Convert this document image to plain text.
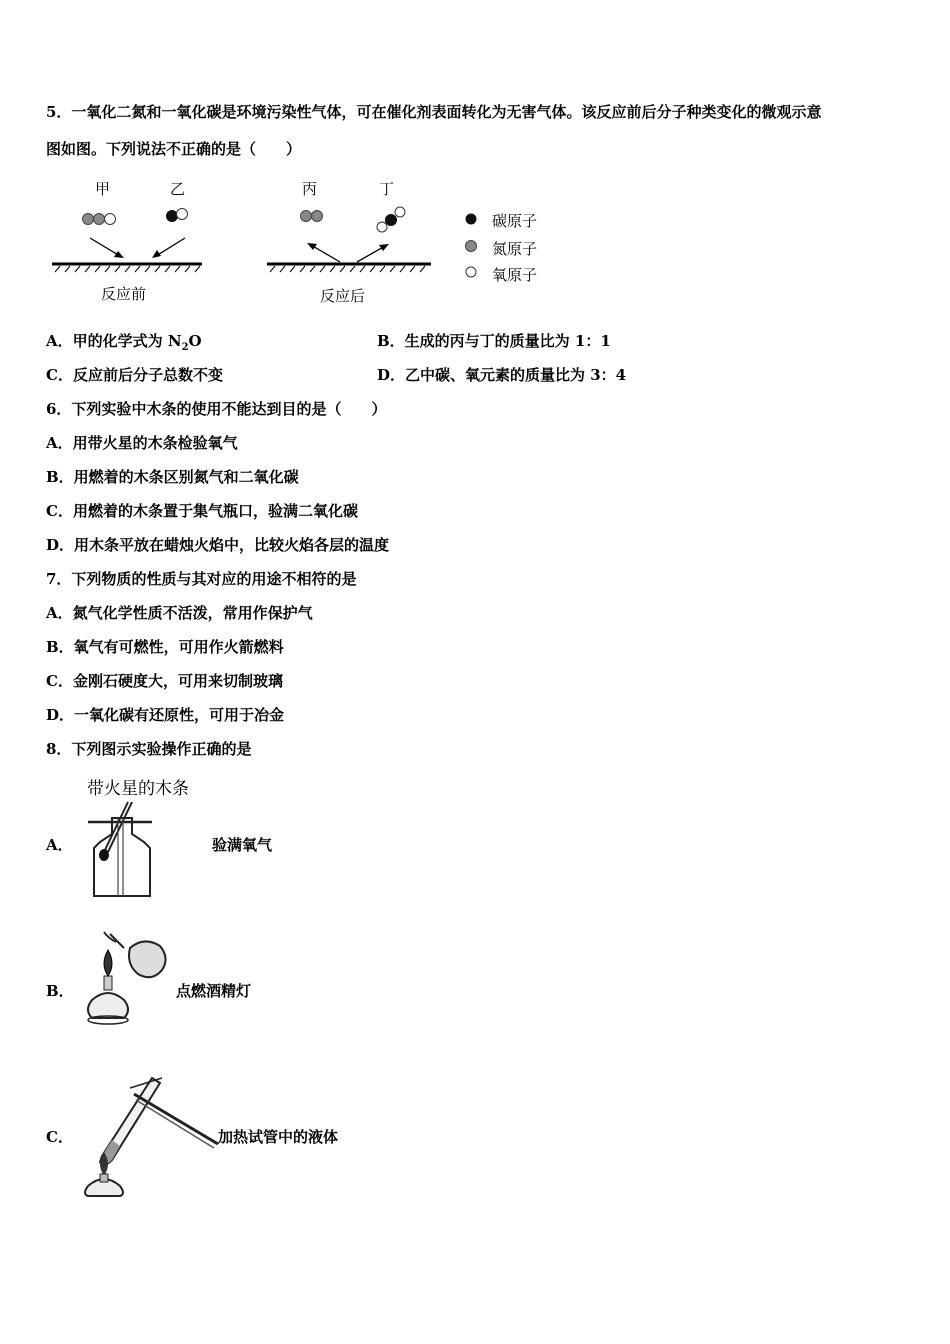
5．一氧化二氮和一氧化碳是环境污染性气体，可在催化剂表面转化为无害气体。该反应前后分子种类变化的微观示意
图如图。下列说法不正确的是（　　）
甲	乙	丙	丁
反应前	反应后
碳原子
氮原子
氧原子
A．甲的化学式为 $N_2O$	B．生成的丙与丁的质量比为 1：1
C．反应前后分子总数不变	D．乙中碳、氧元素的质量比为 3：4
6．下列实验中木条的使用不能达到目的是（　　）
A．用带火星的木条检验氧气
B．用燃着的木条区别氮气和二氧化碳
C．用燃着的木条置于集气瓶口，验满二氧化碳
D．用木条平放在蜡烛火焰中，比较火焰各层的温度
7．下列物质的性质与其对应的用途不相符的是
A．氮气化学性质不活泼，常用作保护气
B．氧气有可燃性，可用作火箭燃料
C．金刚石硬度大，可用来切制玻璃
D．一氧化碳有还原性，可用于冶金
8．下列图示实验操作正确的是
A．
带火星的木条
验满氧气
B．	点燃酒精灯
C．	加热试管中的液体
